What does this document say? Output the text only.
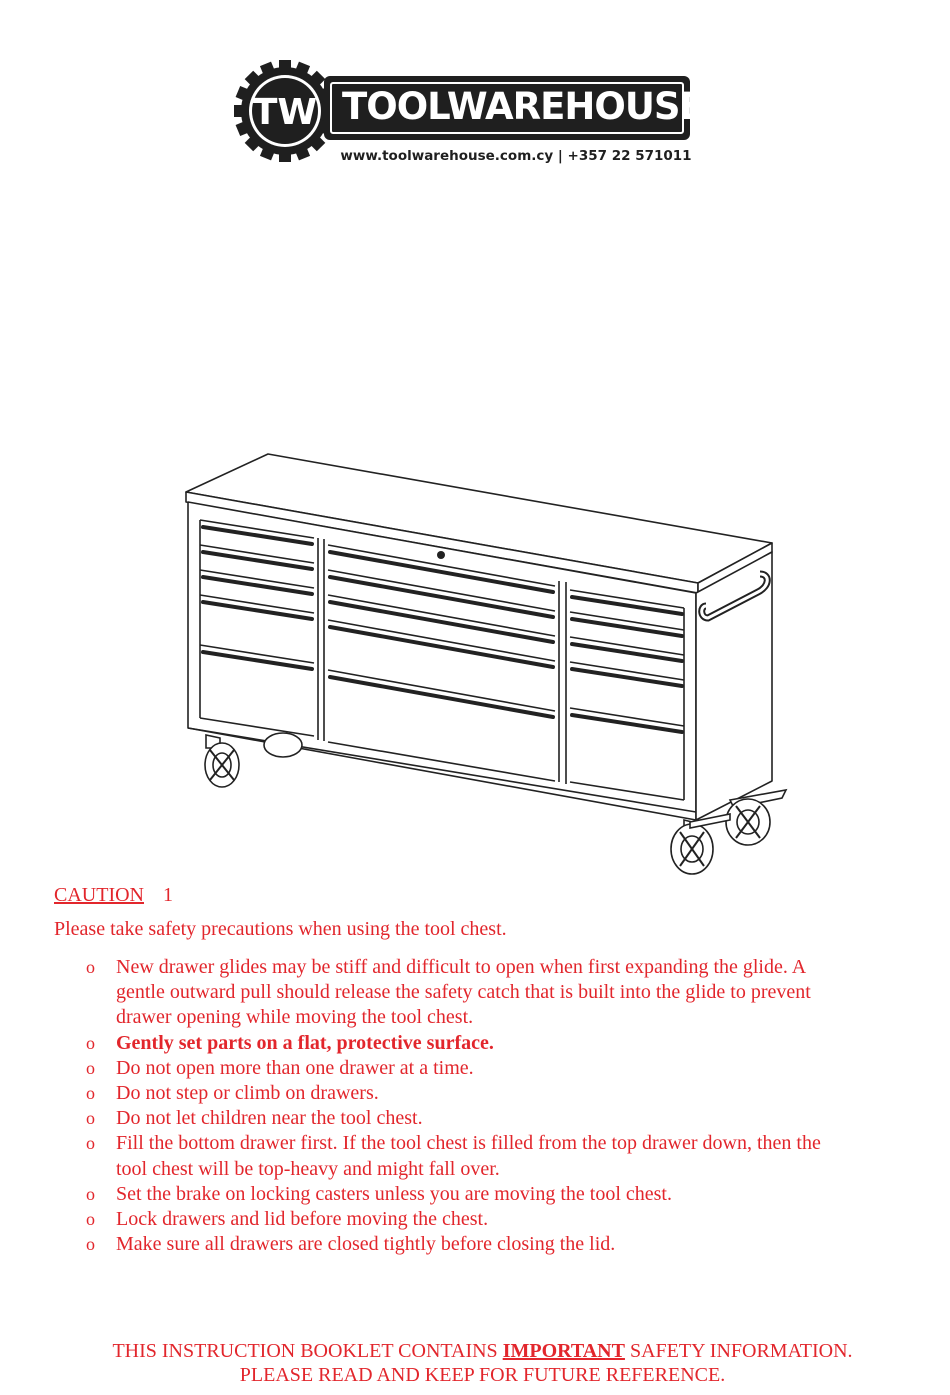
TW TOOLWAREHOUSE
www.toolwarehouse.com.cy | +357 22 571011
CAUTION 1
Please take safety precautions when using the tool chest.
o New drawer glides may be stiff and difficult to open when first expanding the glide. A
gentle outward pull should release the safety catch that is built into the glide to prevent
drawer opening while moving the tool chest.
o Gently set parts on a flat, protective surface.
o Do not open more than one drawer at a time.
o Do not step or climb on drawers.
o Do not let children near the tool chest.
o Fill the bottom drawer first. If the tool chest is filled from the top drawer down, then the
tool chest will be top-heavy and might fall over.
o Set the brake on locking casters unless you are moving the tool chest.
o Lock drawers and lid before moving the chest.
o Make sure all drawers are closed tightly before closing the lid.
THIS INSTRUCTION BOOKLET CONTAINS IMPORTANT SAFETY INFORMATION.
PLEASE READ AND KEEP FOR FUTURE REFERENCE.
